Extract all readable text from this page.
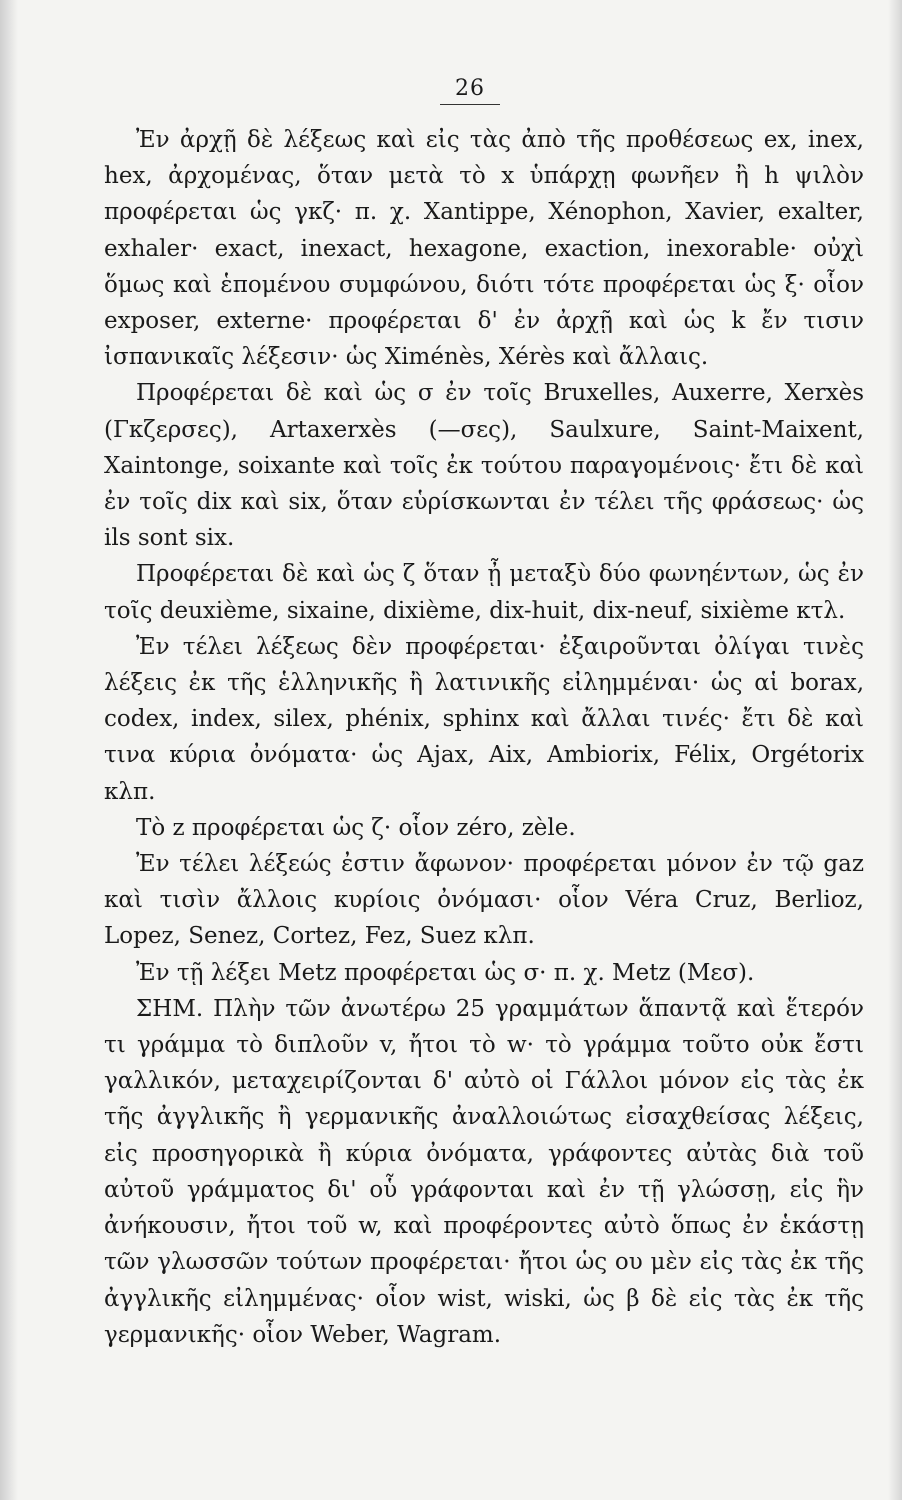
26

Ἐν ἀρχῇ δὲ λέξεως καὶ εἰς τὰς ἀπὸ τῆς προθέσεως ex, inex, hex, ἀρχομένας, ὅταν μετὰ τὸ x ὑπάρχῃ φωνῆεν ἢ h ψιλὸν προφέρεται ὡς γκζ· π. χ. Xantippe, Xénophon, Xavier, exalter, exhaler· exact, inexact, hexagone, exaction, inexorable· οὐχὶ ὅμως καὶ ἑπομένου συμφώνου, διότι τότε προφέρεται ὡς ξ· οἷον exposer, externe· προφέρεται δ' ἐν ἀρχῇ καὶ ὡς k ἔν τισιν ἰσπανικαῖς λέξεσιν· ὡς Ximénès, Xérès καὶ ἄλλαις.

Προφέρεται δὲ καὶ ὡς σ ἐν τοῖς Bruxelles, Auxerre, Xerxès (Γκζερσες), Artaxerxès (—σες), Saulxure, Saint-Maixent, Xaintonge, soixante καὶ τοῖς ἐκ τούτου παραγομένοις· ἔτι δὲ καὶ ἐν τοῖς dix καὶ six, ὅταν εὑρίσκωνται ἐν τέλει τῆς φράσεως· ὡς ils sont six.

Προφέρεται δὲ καὶ ὡς ζ ὅταν ᾖ μεταξὺ δύο φωνηέντων, ὡς ἐν τοῖς deuxième, sixaine, dixième, dix-huit, dix-neuf, sixième κτλ.

Ἐν τέλει λέξεως δὲν προφέρεται· ἐξαιροῦνται ὀλίγαι τινὲς λέξεις ἐκ τῆς ἑλληνικῆς ἢ λατινικῆς εἰλημμέναι· ὡς αἱ borax, codex, index, silex, phénix, sphinx καὶ ἄλλαι τινές· ἔτι δὲ καὶ τινα κύρια ὀνόματα· ὡς Ajax, Aix, Ambiorix, Félix, Orgétorix κλπ.

Τὸ z προφέρεται ὡς ζ· οἷον zéro, zèle.

Ἐν τέλει λέξεώς ἐστιν ἄφωνον· προφέρεται μόνον ἐν τῷ gaz καὶ τισὶν ἄλλοις κυρίοις ὀνόμασι· οἷον Véra Cruz, Berlioz, Lopez, Senez, Cortez, Fez, Suez κλπ.

Ἐν τῇ λέξει Metz προφέρεται ὡς σ· π. χ. Metz (Μεσ).

ΣΗΜ. Πλὴν τῶν ἀνωτέρω 25 γραμμάτων ἅπαντᾷ καὶ ἕτερόν τι γράμμα τὸ διπλοῦν v, ἤτοι τὸ w· τὸ γράμμα τοῦτο οὐκ ἔστι γαλλικόν, μεταχειρίζονται δ' αὐτὸ οἱ Γάλλοι μόνον εἰς τὰς ἐκ τῆς ἀγγλικῆς ἢ γερμανικῆς ἀναλλοιώτως εἰσαχθείσας λέξεις, εἰς προσηγορικὰ ἢ κύρια ὀνόματα, γράφοντες αὐτὰς διὰ τοῦ αὐτοῦ γράμματος δι' οὗ γράφονται καὶ ἐν τῇ γλώσσῃ, εἰς ἣν ἀνήκουσιν, ἤτοι τοῦ w, καὶ προφέροντες αὐτὸ ὅπως ἐν ἑκάστῃ τῶν γλωσσῶν τούτων προφέρεται· ἤτοι ὡς ου μὲν εἰς τὰς ἐκ τῆς ἀγγλικῆς εἰλημμένας· οἷον wist, wiski, ὡς β δὲ εἰς τὰς ἐκ τῆς γερμανικῆς· οἷον Weber, Wagram.
